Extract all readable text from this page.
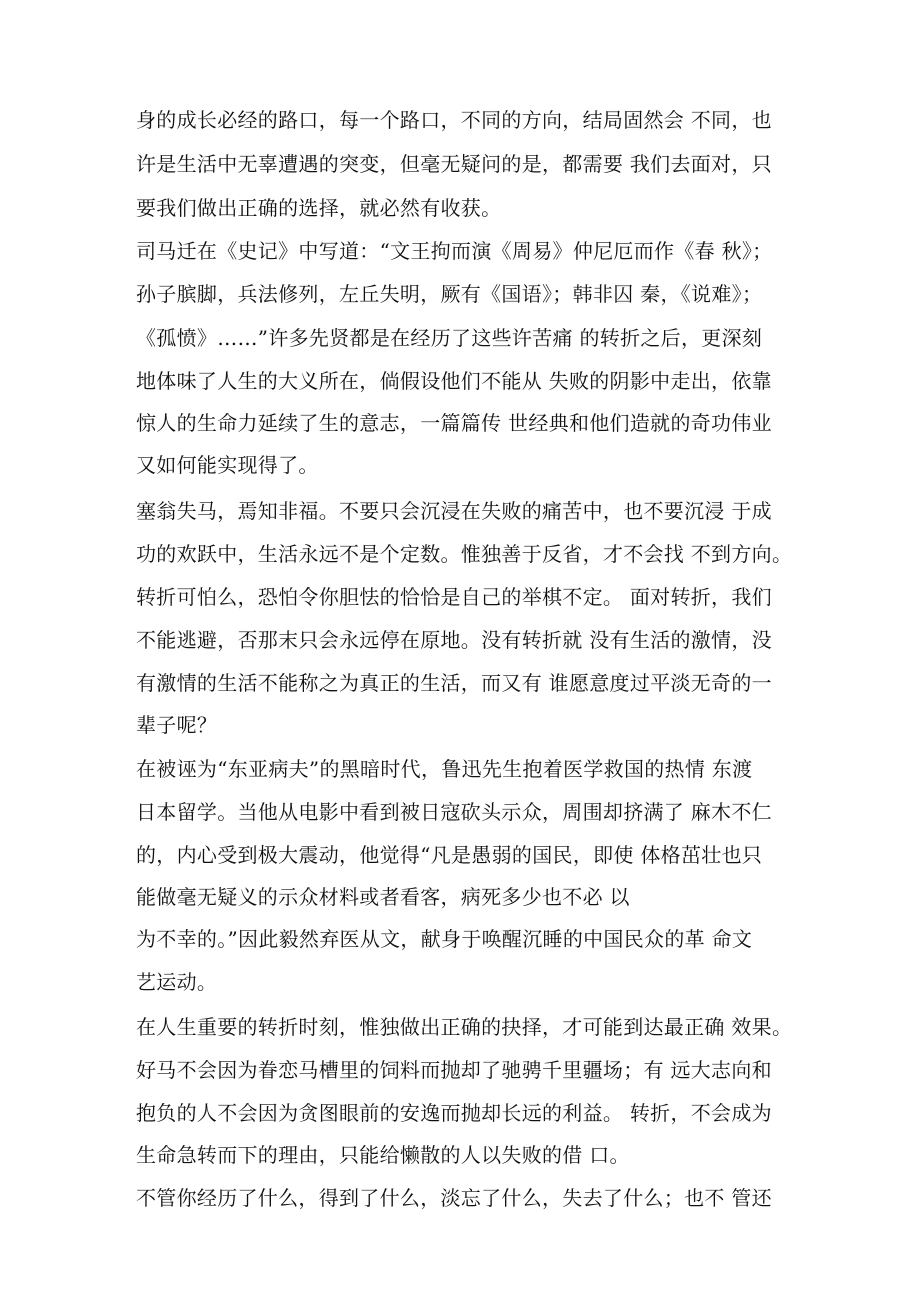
身的成长必经的路口，每一个路口，不同的方向，结局固然会 不同，也
许是生活中无辜遭遇的突变，但毫无疑问的是，都需要 我们去面对，只
要我们做出正确的选择，就必然有收获。
司马迁在《史记》中写道：“文王拘而演《周易》仲尼厄而作《春 秋》；
孙子膑脚，兵法修列，左丘失明，厥有《国语》；韩非囚 秦，《说难》；
《孤愤》……”许多先贤都是在经历了这些许苦痛 的转折之后，更深刻
地体味了人生的大义所在，倘假设他们不能从 失败的阴影中走出，依靠
惊人的生命力延续了生的意志，一篇篇传 世经典和他们造就的奇功伟业
又如何能实现得了。
塞翁失马，焉知非福。不要只会沉浸在失败的痛苦中，也不要沉浸 于成
功的欢跃中，生活永远不是个定数。惟独善于反省，才不会找 不到方向。
转折可怕么，恐怕令你胆怯的恰恰是自己的举棋不定。 面对转折，我们
不能逃避，否那末只会永远停在原地。没有转折就 没有生活的激情，没
有激情的生活不能称之为真正的生活，而又有 谁愿意度过平淡无奇的一
辈子呢？
在被诬为“东亚病夫”的黑暗时代，鲁迅先生抱着医学救国的热情 东渡
日本留学。当他从电影中看到被日寇砍头示众，周围却挤满了 麻木不仁
的，内心受到极大震动，他觉得“凡是愚弱的国民，即使 体格茁壮也只
能做毫无疑义的示众材料或者看客，病死多少也不必 以
为不幸的。”因此毅然弃医从文，献身于唤醒沉睡的中国民众的革 命文
艺运动。
在人生重要的转折时刻，惟独做出正确的抉择，才可能到达最正确 效果。
好马不会因为眷恋马槽里的饲料而抛却了驰骋千里疆场；有 远大志向和
抱负的人不会因为贪图眼前的安逸而抛却长远的利益。 转折，不会成为
生命急转而下的理由，只能给懒散的人以失败的借 口。
不管你经历了什么，得到了什么，淡忘了什么，失去了什么；也不 管还
